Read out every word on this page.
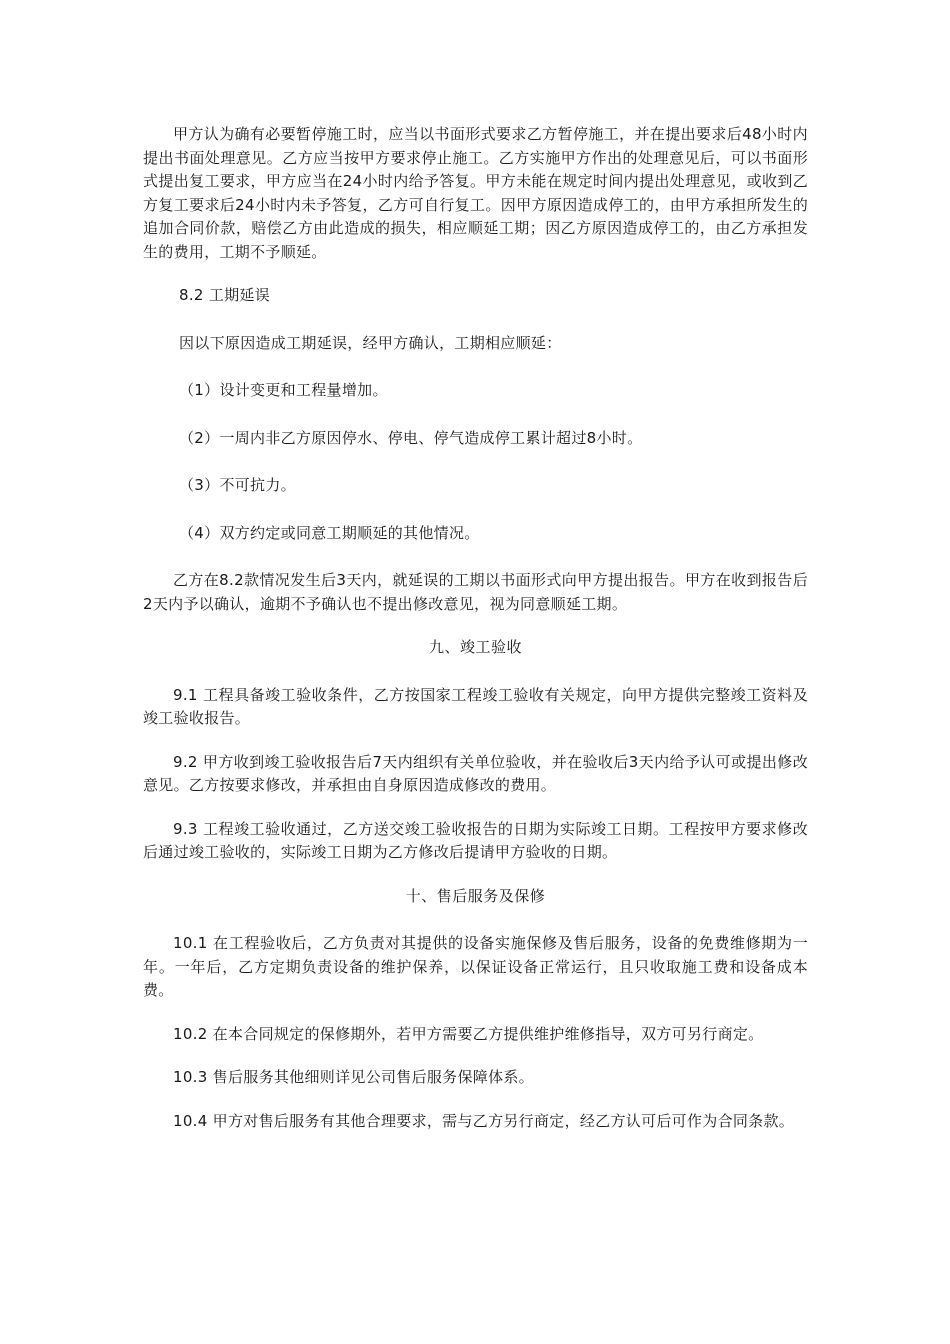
甲方认为确有必要暂停施工时，应当以书面形式要求乙方暂停施工，并在提出要求后48小时内提出书面处理意见。乙方应当按甲方要求停止施工。乙方实施甲方作出的处理意见后，可以书面形式提出复工要求，甲方应当在24小时内给予答复。甲方未能在规定时间内提出处理意见，或收到乙方复工要求后24小时内未予答复，乙方可自行复工。因甲方原因造成停工的，由甲方承担所发生的追加合同价款，赔偿乙方由此造成的损失，相应顺延工期；因乙方原因造成停工的，由乙方承担发生的费用，工期不予顺延。

8.2 工期延误

因以下原因造成工期延误，经甲方确认，工期相应顺延：

（1）设计变更和工程量增加。

（2）一周内非乙方原因停水、停电、停气造成停工累计超过8小时。

（3）不可抗力。

（4）双方约定或同意工期顺延的其他情况。

乙方在8.2款情况发生后3天内，就延误的工期以书面形式向甲方提出报告。甲方在收到报告后2天内予以确认，逾期不予确认也不提出修改意见，视为同意顺延工期。

九、竣工验收

9.1 工程具备竣工验收条件，乙方按国家工程竣工验收有关规定，向甲方提供完整竣工资料及竣工验收报告。

9.2 甲方收到竣工验收报告后7天内组织有关单位验收，并在验收后3天内给予认可或提出修改意见。乙方按要求修改，并承担由自身原因造成修改的费用。

9.3 工程竣工验收通过，乙方送交竣工验收报告的日期为实际竣工日期。工程按甲方要求修改后通过竣工验收的，实际竣工日期为乙方修改后提请甲方验收的日期。

十、售后服务及保修

10.1 在工程验收后，乙方负责对其提供的设备实施保修及售后服务，设备的免费维修期为一年。一年后，乙方定期负责设备的维护保养，以保证设备正常运行，且只收取施工费和设备成本费。

10.2 在本合同规定的保修期外，若甲方需要乙方提供维护维修指导，双方可另行商定。

10.3 售后服务其他细则详见公司售后服务保障体系。

10.4 甲方对售后服务有其他合理要求，需与乙方另行商定，经乙方认可后可作为合同条款。
